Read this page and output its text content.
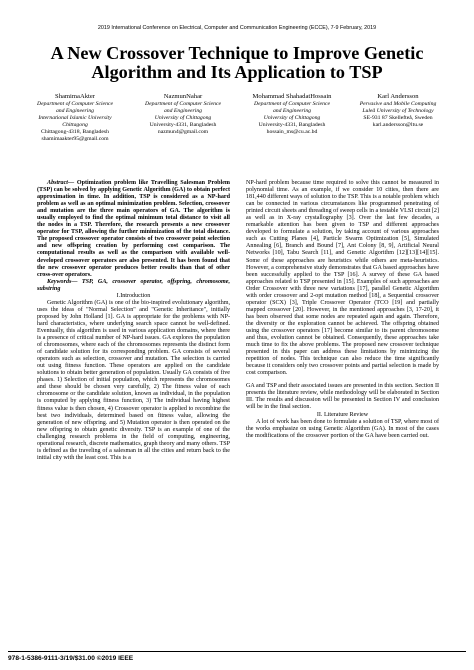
2019 International Conference on Electrical, Computer and Communication Engineering (ECCE), 7-9 February, 2019
A New Crossover Technique to Improve Genetic
Algorithm and Its Application to TSP
ShamimaAkter
Department of Computer Science
and Engineering
International Islamic University
Chittagong
Chittagong-4318, Bangladesh
shamimaakter95@gmail.com
NazmunNahar
Department of Computer Science
and Engineering
University of Chittagong
University-4331, Bangladesh
nazmun4@gmail.com
Mohammad ShahadatHossain
Department of Computer Science
and Engineering
University of Chittagong
University-4331, Bangladesh
hossain_ms@cu.ac.bd
Karl Andersson
Pervasive and Mobile Computing
Luleå University of Technology
SE-931 87 Skellefteå, Sweden
karl.andersson@ltu.se

Abstract— Optimization problem like Travelling Salesman Problem (TSP) can be solved by applying Genetic Algorithm (GA) to obtain perfect approximation in time. In addition, TSP is considered as a NP-hard problem as well as an optimal minimization problem. Selection, crossover and mutation are the three main operators of GA. The algorithm is usually employed to find the optimal minimum total distance to visit all the nodes in a TSP. Therefore, the research presents a new crossover operator for TSP, allowing the further minimization of the total distance. The proposed crossover operator consists of two crossover point selection and new offspring creation by performing cost comparison. The computational results as well as the comparison with available well-developed crossover operators are also presented. It has been found that the new crossover operator produces better results than that of other cross-over operators.

Keywords— TSP, GA, crossover operator, offspring, chromosome, substring

I.Introduction

Genetic Algorithm (GA) is one of the bio-inspired evolutionary algorithm, uses the ideas of "Normal Selection" and "Genetic Inheritance", initially proposed by John Holland [1]. GA is appropriate for the problems with NP-hard characteristics, where underlying search space cannot be well-defined. Eventually, this algorithm is used in various application domains, where there is a presence of critical number of NP-hard issues. GA explores the population of chromosomes, where each of the chromosomes represents the distinct form of candidate solution for its corresponding problem. GA consists of several operators such as selection, crossover and mutation. The selection is carried out using fitness function. These operators are applied on the candidate solutions to obtain better generation of population. Usually GA consists of five phases. 1) Selection of initial population, which represents the chromosomes and these should be chosen very carefully, 2) The fitness value of each chromosome or the candidate solution, known as individual, in the population is computed by applying fitness function, 3) The individual having highest fitness value is then chosen, 4) Crossover operator is applied to recombine the best two individuals, determined based on fitness value, allowing the generation of new offspring. and 5) Mutation operator is then operated on the new offspring to obtain genetic diversity. TSP is an example of one of the challenging research problems in the field of computing, engineering, operational research, discrete mathematics, graph theory and many others. TSP is defined as the traveling of a salesman in all the cities and return back to the initial city with the least cost. This is a

NP-hard problem because time required to solve this cannot be measured in polynomial time. As an example, if we consider 10 cities, then there are 181,440 different ways of solution to the TSP. This is a notable problem which can be connected in various circumstances like programmed penetrating of printed circuit sheets and threading of sweep cells in a testable VLSI circuit [2] as well as in X-ray crystallography [3]. Over the last few decades, a remarkable attention has been given to TSP and different approaches developed to formulate a solution, by taking account of various approaches such as Cutting Planes [4], Particle Swarm Optimization [5], Simulated Annealing [6], Branch and Bound [7], Ant Colony [8, 9], Artificial Neural Networks [10], Tabu Search [11], and Genetic Algorithm [12][13][14][15]. Some of these approaches are heuristics while others are meta-heuristics. However, a comprehensive study demonstrates that GA based approaches have been successfully applied to the TSP [16]. A survey of these GA based approaches related to TSP presented in [15]. Examples of such approaches are Order Crossover with three new variations [17], parallel Genetic Algorithm with order crossover and 2-opt mutation method [18], a Sequential crossover operator (SCX) [3], Triple Crossover Operator (TCO [19] and partially mapped crossover [20]. However, in the mentioned approaches [3, 17-20], it has been observed that some nodes are repeated again and again. Therefore, the diversity or the exploration cannot be achieved. The offspring obtained using the crossover operators [17] become similar to its parent chromosome and thus, evolution cannot be obtained. Consequently, these approaches take much time to fix the above problems. The proposed new crossover technique presented in this paper can address these limitations by minimizing the repetition of nodes. This technique can also reduce the time significantly because it considers only two crossover points and partial selection is made by cost comparison.

GA and TSP and their associated issues are presented in this section. Section II presents the literature review, while methodology will be elaborated in Section III. The results and discussion will be presented in Section IV and conclusion will be in the final section.

II. Literature Review

A lot of work has been done to formulate a solution of TSP, where most of the works emphasize on using Genetic Algorithm (GA). In most of the cases the modifications of the crossover portion of the GA have been carried out.

978-1-5386-9111-3/19/$31.00 ©2019 IEEE
